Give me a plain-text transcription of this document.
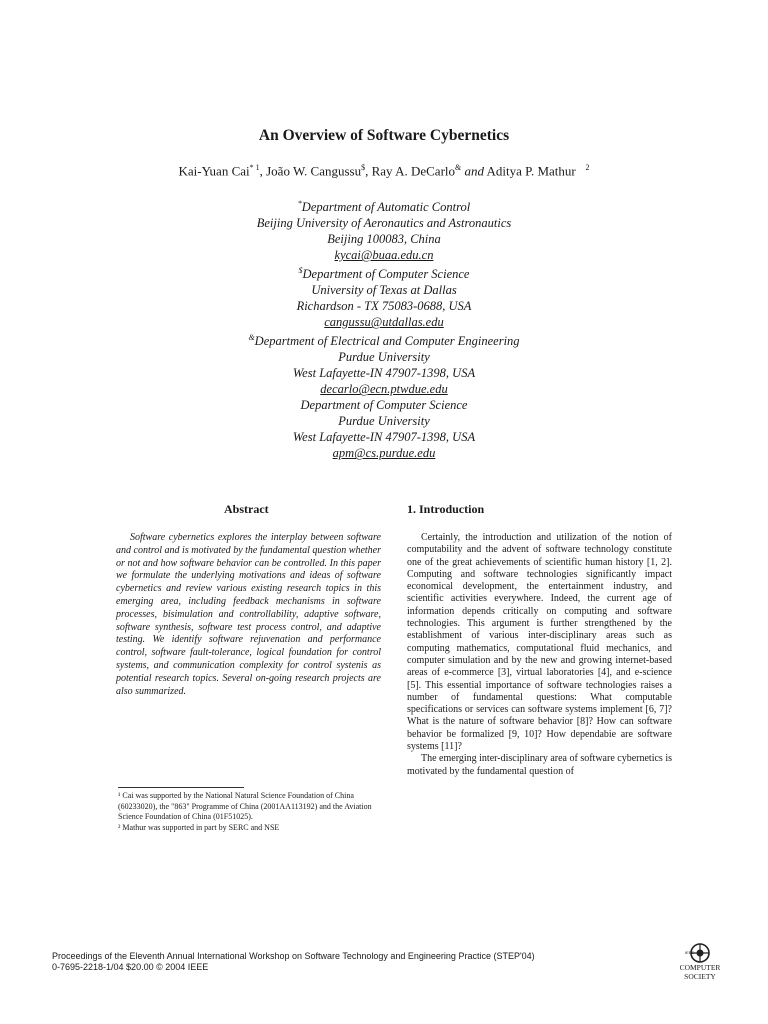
An Overview of Software Cybernetics
Kai-Yuan Cai$^{* 1}$, João W. Cangussu$, Ray A. DeCarlo& and Aditya P. Mathur $^2$
*Department of Automatic Control
Beijing University of Aeronautics and Astronautics
Beijing 100083, China
kycai@buaa.edu.cn
$Department of Computer Science
University of Texas at Dallas
Richardson - TX 75083-0688, USA
cangussu@utdallas.edu
&Department of Electrical and Computer Engineering
Purdue University
West Lafayette-IN 47907-1398, USA
decarlo@ecn.ptwdue.edu
Department of Computer Science
Purdue University
West Lafayette-IN 47907-1398, USA
apm@cs.purdue.edu
Abstract
Software cybernetics explores the interplay between software and control and is motivated by the fundamental question whether or not and how software behavior can be controlled. In this paper we formulate the underlying motivations and ideas of software cybernetics and review various existing research topics in this emerging area, including feedback mechanisms in software processes, bisimulation and controllability, adaptive software, software synthesis, software test process control, and adaptive testing. We identify software rejuvenation and performance control, software fault-tolerance, logical foundation for control systems, and communication complexity for control systenis as potential research topics. Several on-going research projects are also summarized.
1. Introduction

Certainly, the introduction and utilization of the notion of computability and the advent of software technology constitute one of the great achievements of scientific human history [1, 2]. Computing and software technologies significantly impact economical development, the entertainment industry, and scientific activities everywhere. Indeed, the current age of information depends critically on computing and software technologies. This argument is further strengthened by the establishment of various inter-disciplinary areas such as computing mathematics, computational fluid mechanics, and computer simulation and by the new and growing internet-based areas of e-commerce [3], virtual laboratories [4], and e-science [5]. This essential importance of software technologies raises a number of fundamental questions: What computable specifications or services can software systems implement [6, 7]? What is the nature of software behavior [8]? How can software behavior be formalized [9, 10]? How dependabie are software systems [11]?

The emerging inter-disciplinary area of software cybernetics is motivated by the fundamental question of

¹ Cai was supported by the National Natural Science Foundation of China (60233020), the "863" Programme of China (2001AA113192) and the Aviation Science Foundation of China (01F51025).
² Mathur was supported in part by SERC and NSE
Proceedings of the Eleventh Annual International Workshop on Software Technology and Engineering Practice (STEP'04)
0-7695-2218-1/04 $20.00 © 2004 IEEE
IEEE
COMPUTER
SOCIETY
